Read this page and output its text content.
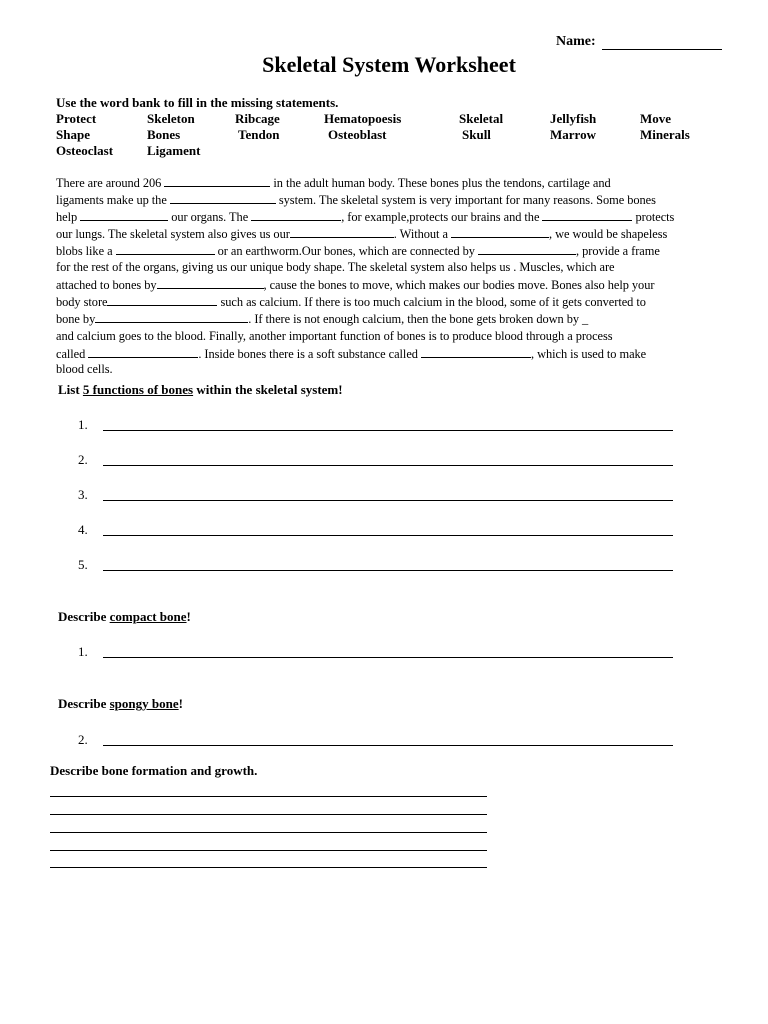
Name:
Skeletal System Worksheet
Use the word bank to fill in the missing statements.
Protect	Skeleton	Ribcage	Hematopoesis	Skeletal	Jellyfish	Move
Shape	Bones	Tendon	Osteoblast	Skull	Marrow	Minerals
Osteoclast	Ligament
There are around 206	in the adult human body. These bones plus the tendons, cartilage and
ligaments make up the	system. The skeletal system is very important for many reasons. Some bones
help	our organs. The	, for example,protects our brains and the	protects
our lungs. The skeletal system also gives us our	. Without a	, we would be shapeless
blobs like a	or an earthworm.Our bones, which are connected by	, provide a frame
for the rest of the organs, giving us our unique body shape. The skeletal system also helps us . Muscles, which are
attached to bones by	, cause the bones to move, which makes our bodies move. Bones also help your
body store	such as calcium. If there is too much calcium in the blood, some of it gets converted to
bone by	. If there is not enough calcium, then the bone gets broken down by _
and calcium goes to the blood. Finally, another important function of bones is to produce blood through a process
called	. Inside bones there is a soft substance called	, which is used to make
blood cells.
List 5 functions of bones within the skeletal system!
1.
2.
3.
4.
5.
Describe compact bone!
1.
Describe spongy bone!
2.
Describe bone formation and growth.
